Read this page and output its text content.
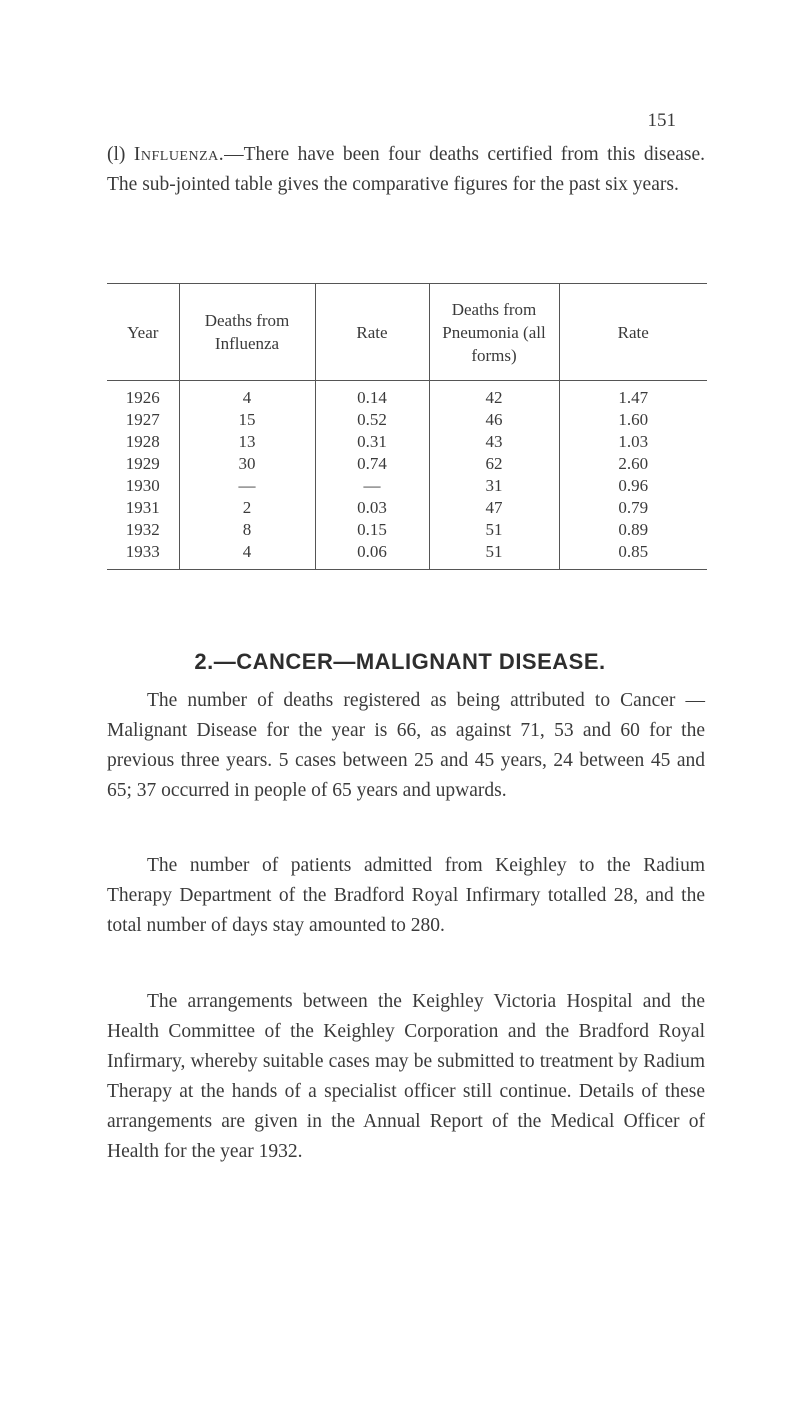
151

(l) Influenza.—There have been four deaths certified from this disease. The sub-jointed table gives the comparative figures for the past six years.

Year	Deaths from Influenza	Rate	Deaths from Pneumonia (all forms)	Rate
1926	4	0.14	42	1.47
1927	15	0.52	46	1.60
1928	13	0.31	43	1.03
1929	30	0.74	62	2.60
1930	—	—	31	0.96
1931	2	0.03	47	0.79
1932	8	0.15	51	0.89
1933	4	0.06	51	0.85
2.—CANCER—MALIGNANT DISEASE.

The number of deaths registered as being attributed to Cancer —Malignant Disease for the year is 66, as against 71, 53 and 60 for the previous three years. 5 cases between 25 and 45 years, 24 between 45 and 65; 37 occurred in people of 65 years and upwards.

The number of patients admitted from Keighley to the Radium Therapy Department of the Bradford Royal Infirmary totalled 28, and the total number of days stay amounted to 280.

The arrangements between the Keighley Victoria Hospital and the Health Committee of the Keighley Corporation and the Bradford Royal Infirmary, whereby suitable cases may be submitted to treatment by Radium Therapy at the hands of a specialist officer still continue. Details of these arrangements are given in the Annual Report of the Medical Officer of Health for the year 1932.
